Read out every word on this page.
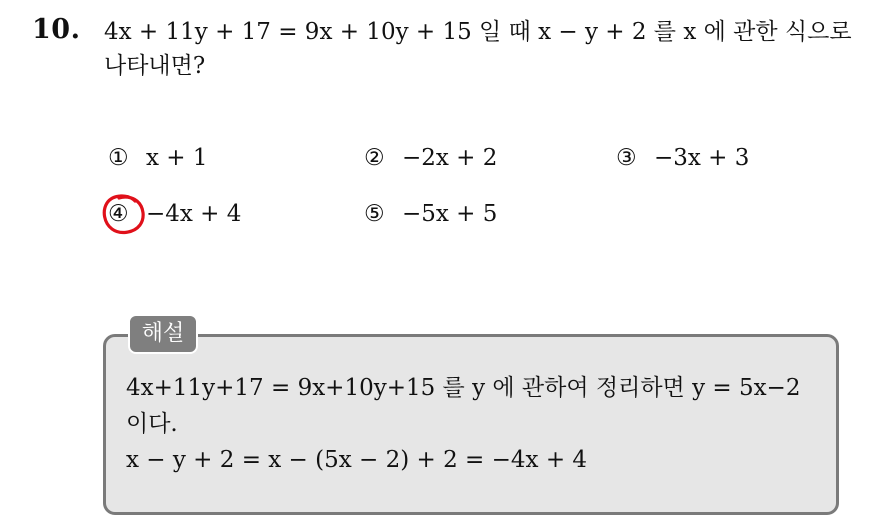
10. 4x + 11y + 17 = 9x + 10y + 15 일 때 x − y + 2 를 x 에 관한 식으로
나타내면?
① x + 1	② −2x + 2	③ −3x + 3
④ −4x + 4	⑤ −5x + 5
해설
4x+11y+17 = 9x+10y+15 를 y 에 관하여 정리하면 y = 5x−2
이다.
x − y + 2 = x − (5x − 2) + 2 = −4x + 4
